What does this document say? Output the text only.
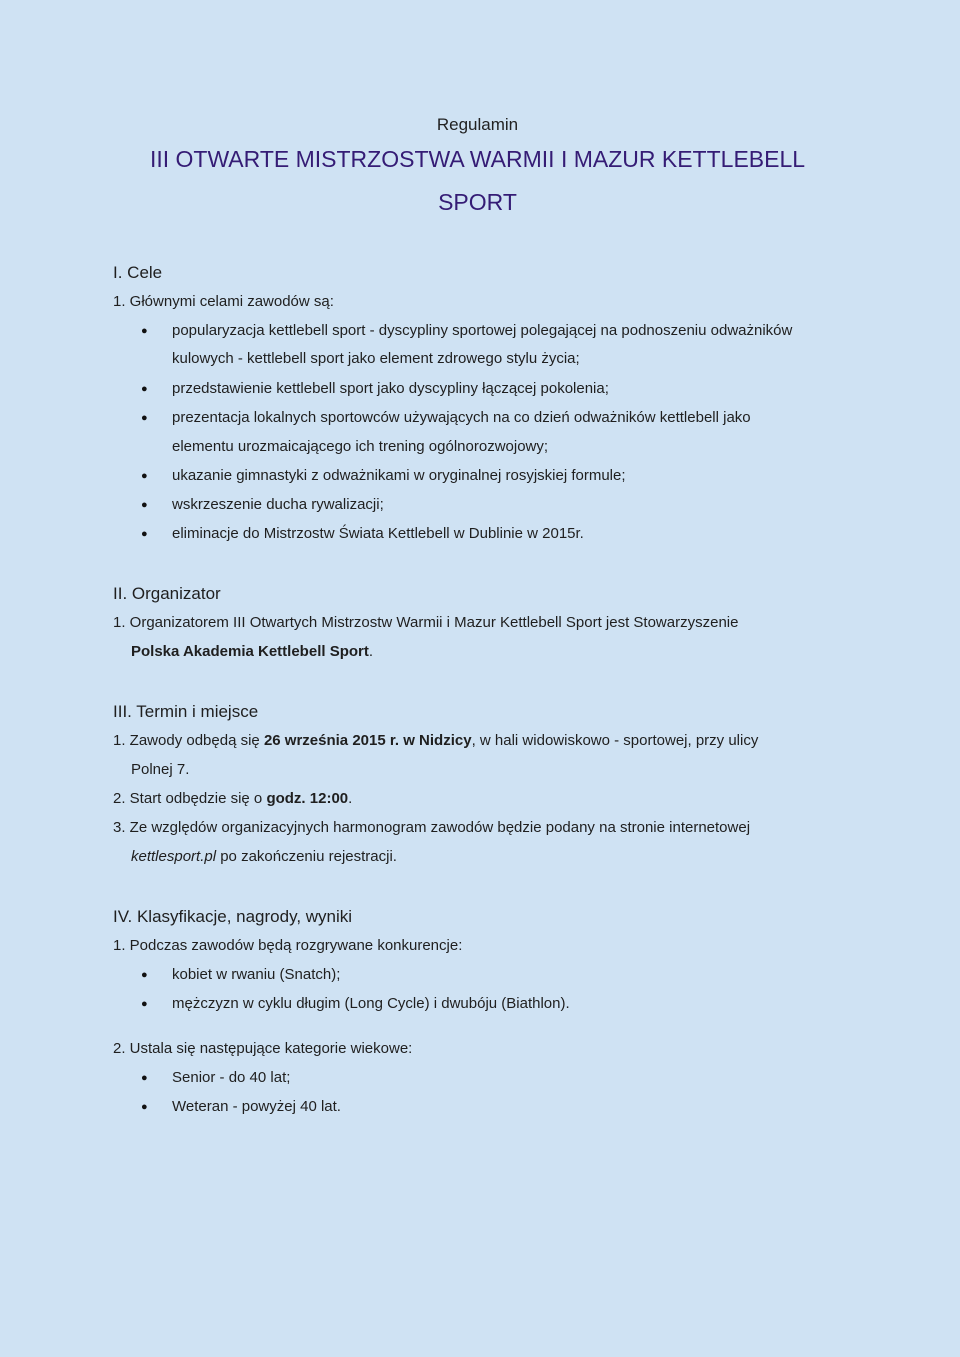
Regulamin
III OTWARTE MISTRZOSTWA WARMII I MAZUR KETTLEBELL
SPORT
I. Cele
1. Głównymi celami zawodów są:
● popularyzacja kettlebell sport - dyscypliny sportowej polegającej na podnoszeniu odważników
kulowych - kettlebell sport jako element zdrowego stylu życia;
● przedstawienie kettlebell sport jako dyscypliny łączącej pokolenia;
● prezentacja lokalnych sportowców używających na co dzień odważników kettlebell jako
elementu urozmaicającego ich trening ogólnorozwojowy;
● ukazanie gimnastyki z odważnikami w oryginalnej rosyjskiej formule;
● wskrzeszenie ducha rywalizacji;
● eliminacje do Mistrzostw Świata Kettlebell w Dublinie w 2015r.
II. Organizator
1. Organizatorem III Otwartych Mistrzostw Warmii i Mazur Kettlebell Sport jest Stowarzyszenie
Polska Akademia Kettlebell Sport.
III. Termin i miejsce
1. Zawody odbędą się 26 września 2015 r. w Nidzicy, w hali widowiskowo - sportowej, przy ulicy
Polnej 7.
2. Start odbędzie się o godz. 12:00.
3. Ze względów organizacyjnych harmonogram zawodów będzie podany na stronie internetowej
kettlesport.pl po zakończeniu rejestracji.
IV. Klasyfikacje, nagrody, wyniki
1. Podczas zawodów będą rozgrywane konkurencje:
● kobiet w rwaniu (Snatch);
● mężczyzn w cyklu długim (Long Cycle) i dwubóju (Biathlon).
2. Ustala się następujące kategorie wiekowe:
● Senior - do 40 lat;
● Weteran - powyżej 40 lat.
